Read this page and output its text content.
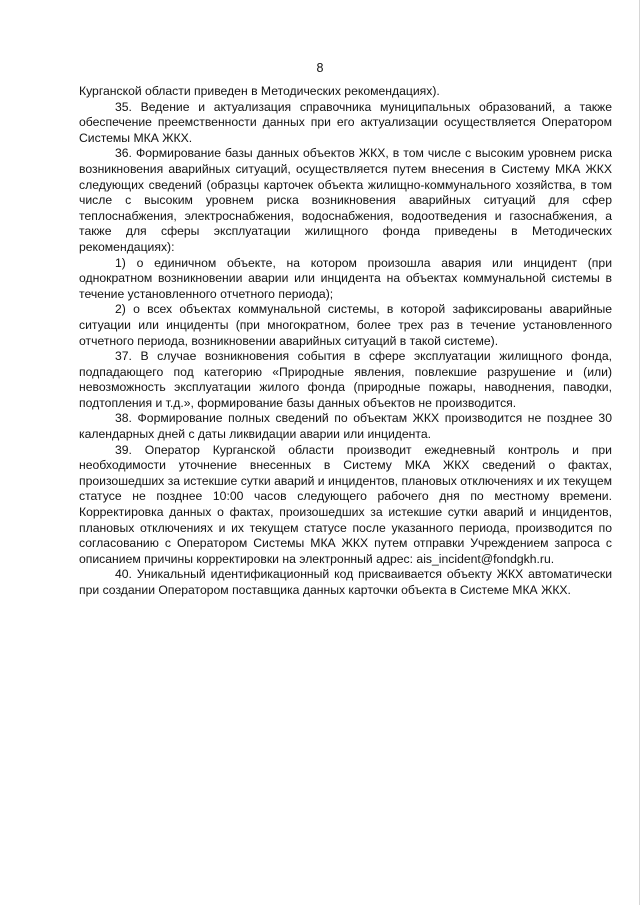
8

Курганской области приведен в Методических рекомендациях).

35. Ведение и актуализация справочника муниципальных образований, а также обеспечение преемственности данных при его актуализации осуществляется Оператором Системы МКА ЖКХ.

36. Формирование базы данных объектов ЖКХ, в том числе с высоким уровнем риска возникновения аварийных ситуаций, осуществляется путем внесения в Систему МКА ЖКХ следующих сведений (образцы карточек объекта жилищно-коммунального хозяйства, в том числе с высоким уровнем риска возникновения аварийных ситуаций для сфер теплоснабжения, электроснабжения, водоснабжения, водоотведения и газоснабжения, а также для сферы эксплуатации жилищного фонда приведены в Методических рекомендациях):

1) о единичном объекте, на котором произошла авария или инцидент (при однократном возникновении аварии или инцидента на объектах коммунальной системы в течение установленного отчетного периода);

2) о всех объектах коммунальной системы, в которой зафиксированы аварийные ситуации или инциденты (при многократном, более трех раз в течение установленного отчетного периода, возникновении аварийных ситуаций в такой системе).

37. В случае возникновения события в сфере эксплуатации жилищного фонда, подпадающего под категорию «Природные явления, повлекшие разрушение и (или) невозможность эксплуатации жилого фонда (природные пожары, наводнения, паводки, подтопления и т.д.», формирование базы данных объектов не производится.

38. Формирование полных сведений по объектам ЖКХ производится не позднее 30 календарных дней с даты ликвидации аварии или инцидента.

39. Оператор Курганской области производит ежедневный контроль и при необходимости уточнение внесенных в Систему МКА ЖКХ сведений о фактах, произошедших за истекшие сутки аварий и инцидентов, плановых отключениях и их текущем статусе не позднее 10:00 часов следующего рабочего дня по местному времени. Корректировка данных о фактах, произошедших за истекшие сутки аварий и инцидентов, плановых отключениях и их текущем статусе после указанного периода, производится по согласованию с Оператором Системы МКА ЖКХ путем отправки Учреждением запроса с описанием причины корректировки на электронный адрес: ais_incident@fondgkh.ru.

40. Уникальный идентификационный код присваивается объекту ЖКХ автоматически при создании Оператором поставщика данных карточки объекта в Системе МКА ЖКХ.
